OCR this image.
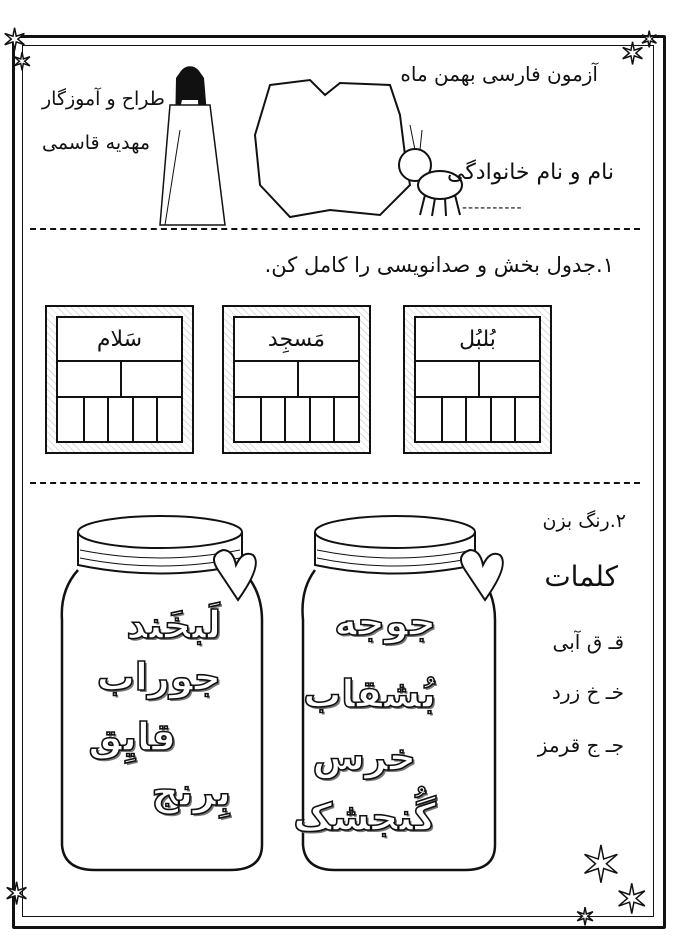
✶
✶	✶
✶
✶
✶
✶
✶
آزمون فارسی بهمن ماه
طراح و آموزگار
مهدیه قاسمی
نام و نام خانوادگی
----------
۱.جدول بخش و صدانویسی را کامل کن.
بُلبُل
مَسجِد
سَلام
۲.رنگ بزن
کلمات
قـ ق آبی
خـ خ زرد
جـ ج قرمز
جوجه
بُشقاب
خرس
گُنجشک
لَبخَند
جوراب
قایِق
بِرنج
